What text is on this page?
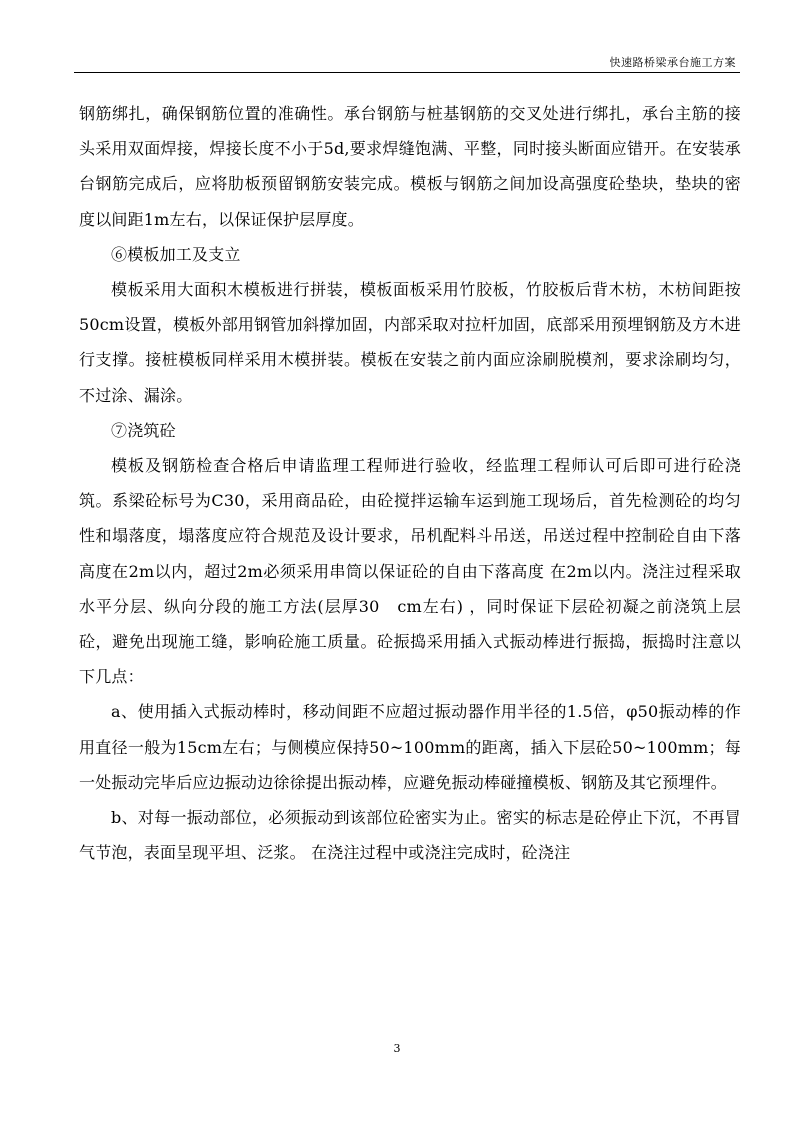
快速路桥梁承台施工方案

钢筋绑扎，确保钢筋位置的准确性。承台钢筋与桩基钢筋的交叉处进行绑扎，承台主筋的接头采用双面焊接，焊接长度不小于5d,要求焊缝饱满、平整，同时接头断面应错开。在安装承台钢筋完成后，应将肋板预留钢筋安装完成。模板与钢筋之间加设高强度砼垫块，垫块的密度以间距1m左右，以保证保护层厚度。

⑥模板加工及支立

模板采用大面积木模板进行拼装，模板面板采用竹胶板，竹胶板后背木枋，木枋间距按50cm设置，模板外部用钢管加斜撑加固，内部采取对拉杆加固，底部采用预埋钢筋及方木进行支撑。接桩模板同样采用木模拼装。模板在安装之前内面应涂刷脱模剂，要求涂刷均匀，不过涂、漏涂。

⑦浇筑砼

模板及钢筋检查合格后申请监理工程师进行验收，经监理工程师认可后即可进行砼浇筑。系梁砼标号为C30，采用商品砼，由砼搅拌运输车运到施工现场后，首先检测砼的均匀性和塌落度，塌落度应符合规范及设计要求，吊机配料斗吊送，吊送过程中控制砼自由下落高度在2m以内，超过2m必须采用串筒以保证砼的自由下落高度 在2m以内。浇注过程采取水平分层、纵向分段的施工方法(层厚30　cm左右) ，同时保证下层砼初凝之前浇筑上层砼，避免出现施工缝，影响砼施工质量。砼振捣采用插入式振动棒进行振捣，振捣时注意以下几点：

a、使用插入式振动棒时，移动间距不应超过振动器作用半径的1.5倍，φ50振动棒的作用直径一般为15cm左右；与侧模应保持50~100mm的距离，插入下层砼50~100mm；每一处振动完毕后应边振动边徐徐提出振动棒，应避免振动棒碰撞模板、钢筋及其它预埋件。

b、对每一振动部位，必须振动到该部位砼密实为止。密实的标志是砼停止下沉，不再冒气节泡，表面呈现平坦、泛浆。 在浇注过程中或浇注完成时，砼浇注

3
